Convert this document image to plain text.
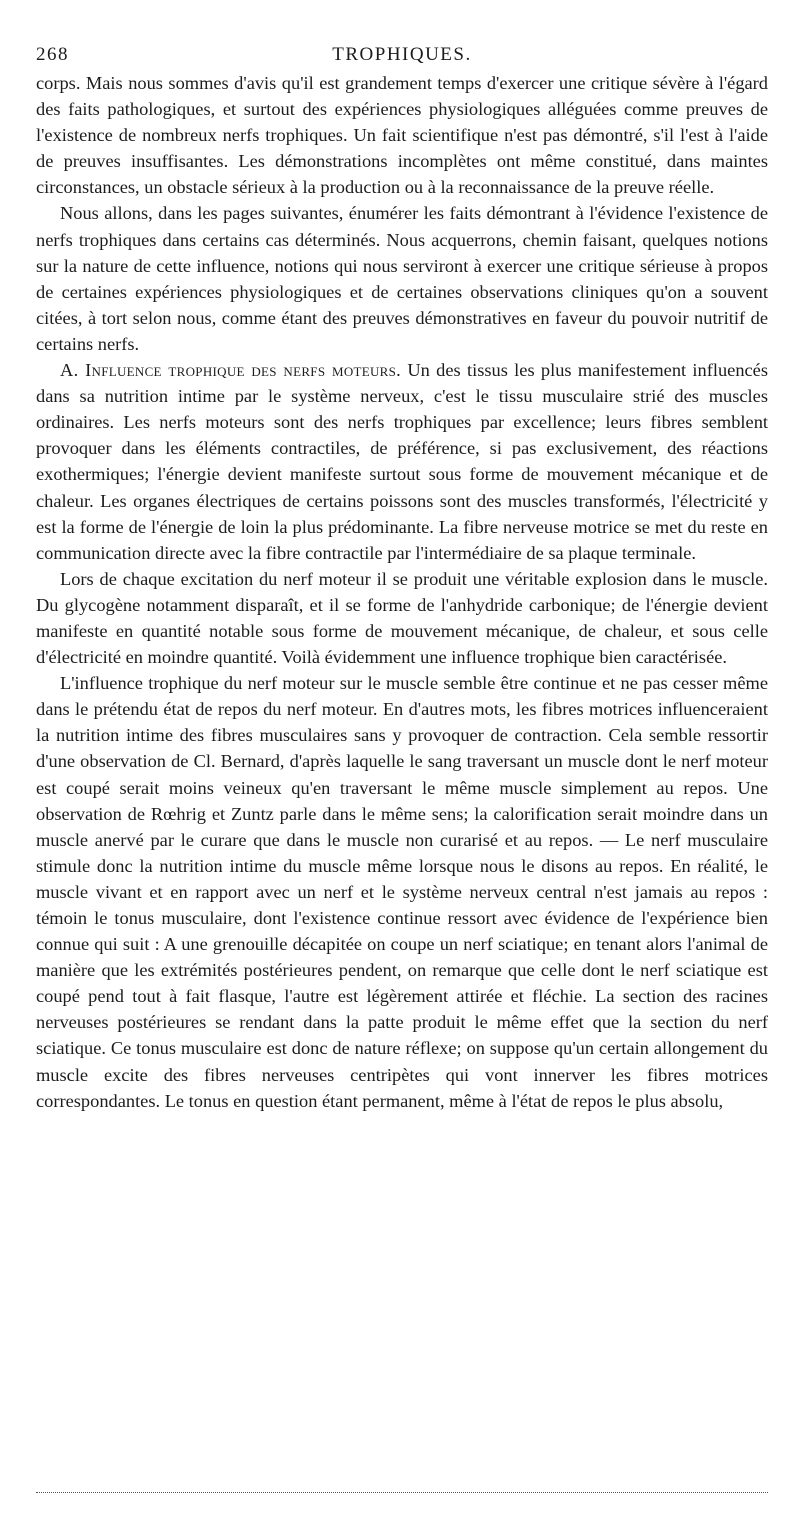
268	TROPHIQUES.

corps. Mais nous sommes d'avis qu'il est grandement temps d'exercer une critique sévère à l'égard des faits pathologiques, et surtout des expériences physiologiques alléguées comme preuves de l'existence de nombreux nerfs trophiques. Un fait scientifique n'est pas démontré, s'il l'est à l'aide de preuves insuffisantes. Les démonstrations incomplètes ont même constitué, dans maintes circonstances, un obstacle sérieux à la production ou à la reconnaissance de la preuve réelle.

Nous allons, dans les pages suivantes, énumérer les faits démontrant à l'évidence l'existence de nerfs trophiques dans certains cas déterminés. Nous acquerrons, chemin faisant, quelques notions sur la nature de cette influence, notions qui nous serviront à exercer une critique sérieuse à propos de certaines expériences physiologiques et de certaines observations cliniques qu'on a souvent citées, à tort selon nous, comme étant des preuves démonstratives en faveur du pouvoir nutritif de certains nerfs.

A. Influence trophique des nerfs moteurs. Un des tissus les plus manifestement influencés dans sa nutrition intime par le système nerveux, c'est le tissu musculaire strié des muscles ordinaires. Les nerfs moteurs sont des nerfs trophiques par excellence; leurs fibres semblent provoquer dans les éléments contractiles, de préférence, si pas exclusivement, des réactions exothermiques; l'énergie devient manifeste surtout sous forme de mouvement mécanique et de chaleur. Les organes électriques de certains poissons sont des muscles transformés, l'électricité y est la forme de l'énergie de loin la plus prédominante. La fibre nerveuse motrice se met du reste en communication directe avec la fibre contractile par l'intermédiaire de sa plaque terminale.

Lors de chaque excitation du nerf moteur il se produit une véritable explosion dans le muscle. Du glycogène notamment disparaît, et il se forme de l'anhydride carbonique; de l'énergie devient manifeste en quantité notable sous forme de mouvement mécanique, de chaleur, et sous celle d'électricité en moindre quantité. Voilà évidemment une influence trophique bien caractérisée.

L'influence trophique du nerf moteur sur le muscle semble être continue et ne pas cesser même dans le prétendu état de repos du nerf moteur. En d'autres mots, les fibres motrices influenceraient la nutrition intime des fibres musculaires sans y provoquer de contraction. Cela semble ressortir d'une observation de Cl. Bernard, d'après laquelle le sang traversant un muscle dont le nerf moteur est coupé serait moins veineux qu'en traversant le même muscle simplement au repos. Une observation de Rœhrig et Zuntz parle dans le même sens; la calorification serait moindre dans un muscle anervé par le curare que dans le muscle non curarisé et au repos. — Le nerf musculaire stimule donc la nutrition intime du muscle même lorsque nous le disons au repos. En réalité, le muscle vivant et en rapport avec un nerf et le système nerveux central n'est jamais au repos : témoin le tonus musculaire, dont l'existence continue ressort avec évidence de l'expérience bien connue qui suit : A une grenouille décapitée on coupe un nerf sciatique; en tenant alors l'animal de manière que les extrémités postérieures pendent, on remarque que celle dont le nerf sciatique est coupé pend tout à fait flasque, l'autre est légèrement attirée et fléchie. La section des racines nerveuses postérieures se rendant dans la patte produit le même effet que la section du nerf sciatique. Ce tonus musculaire est donc de nature réflexe; on suppose qu'un certain allongement du muscle excite des fibres nerveuses centripètes qui vont innerver les fibres motrices correspondantes. Le tonus en question étant permanent, même à l'état de repos le plus absolu,
